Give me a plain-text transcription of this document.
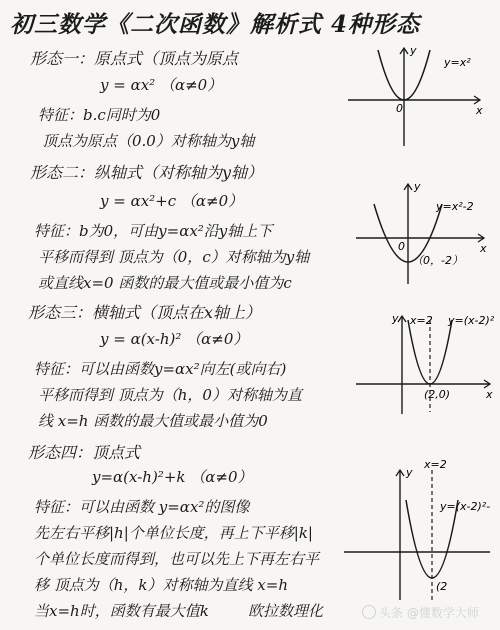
初三数学《二次函数》解析式 4种形态
形态一：原点式（顶点为原点
y = αx² （α≠0）
特征：b.c同时为0
顶点为原点（0.0）对称轴为y轴
y
x
0
y=x²
形态二：纵轴式（对称轴为y轴）
y = αx²+c （α≠0）
特征：b为0，可由y=αx²沿y轴上下
平移而得到 顶点为（0，c）对称轴为y轴
或直线x=0 函数的最大值或最小值为c
y
x
0
y=x²-2
（0，-2）
形态三：横轴式（顶点在x轴上）
y = α(x-h)² （α≠0）
特征：可以由函数y=αx²向左(或向右)
平移而得到 顶点为（h，0）对称轴为直
线 x=h 函数的最大值或最小值为0
y
x
x=2 y=(x-2)²
(2,0)
形态四：顶点式
y=α(x-h)²+k （α≠0）
特征：可以由函数 y=αx²的图像
先左右平移|h|个单位长度，再上下平移|k|
个单位长度而得到，也可以先上下再左右平
移 顶点为（h，k）对称轴为直线 x=h
当x=h时，函数有最大值k	欧拉数理化
y
x=2
y=(x-2)²-
(2
头条 @懂数学大师
